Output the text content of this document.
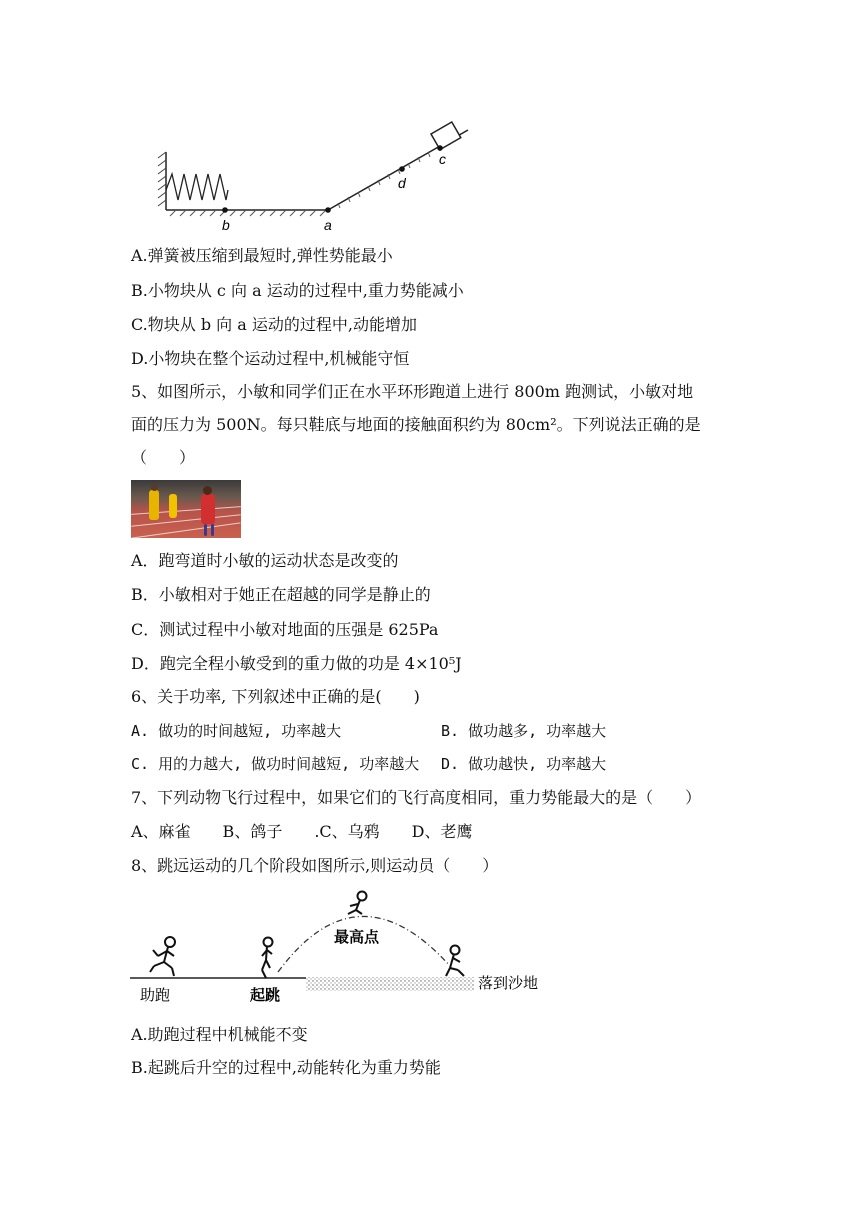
b	a
d
c
A.弹簧被压缩到最短时,弹性势能最小
B.小物块从 c 向 a 运动的过程中,重力势能减小
C.物块从 b 向 a 运动的过程中,动能增加
D.小物块在整个运动过程中,机械能守恒
5、如图所示，小敏和同学们正在水平环形跑道上进行 800m 跑测试，小敏对地
面的压力为 500N。每只鞋底与地面的接触面积约为 80cm²。下列说法正确的是
（　　）
A．跑弯道时小敏的运动状态是改变的
B．小敏相对于她正在超越的同学是静止的
C．测试过程中小敏对地面的压强是 625Pa
D．跑完全程小敏受到的重力做的功是 4×10⁵J
6、关于功率, 下列叙述中正确的是(　　)
A. 做功的时间越短, 功率越大	B. 做功越多, 功率越大
C. 用的力越大, 做功时间越短, 功率越大 D. 做功越快, 功率越大
7、下列动物飞行过程中，如果它们的飞行高度相同，重力势能最大的是（　　）
A、麻雀　　B、鸽子　　.C、乌鸦　　D、老鹰
8、跳远运动的几个阶段如图所示,则运动员（　　）
助跑	起跳
最高点
落到沙地
A.助跑过程中机械能不变
B.起跳后升空的过程中,动能转化为重力势能
